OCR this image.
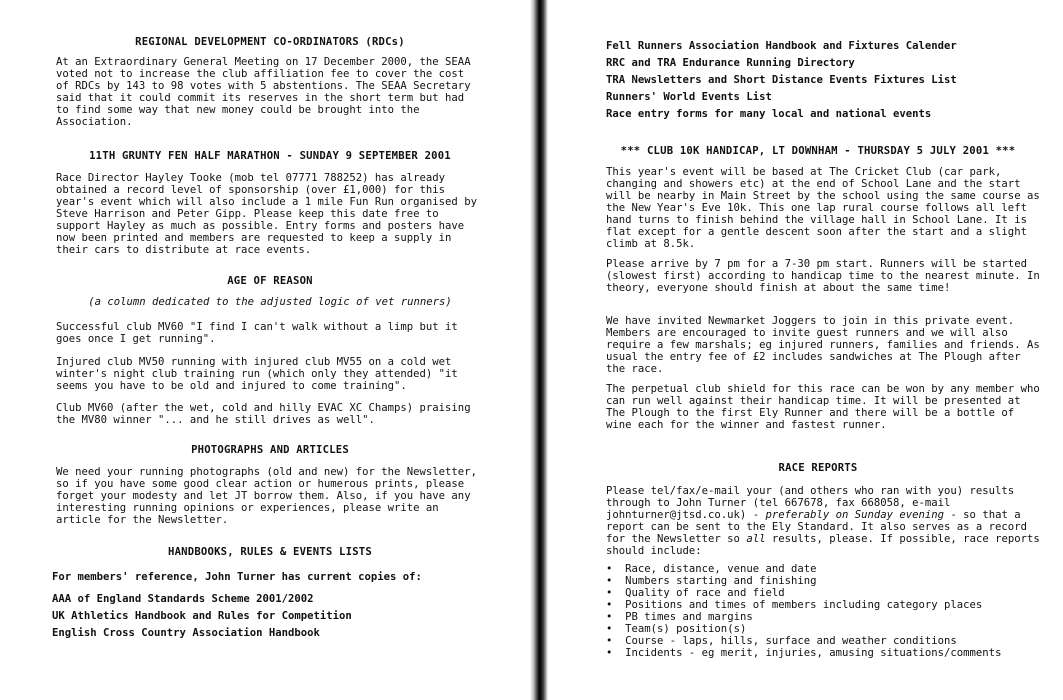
REGIONAL DEVELOPMENT CO-ORDINATORS (RDCs)
At an Extraordinary General Meeting on 17 December 2000, the SEAA voted not to increase the club affiliation fee to cover the cost of RDCs by 143 to 98 votes with 5 abstentions. The SEAA Secretary said that it could commit its reserves in the short term but had to find some way that new money could be brought into the Association.
11TH GRUNTY FEN HALF MARATHON - SUNDAY 9 SEPTEMBER 2001
Race Director Hayley Tooke (mob tel 07771 788252) has already obtained a record level of sponsorship (over £1,000) for this year's event which will also include a 1 mile Fun Run organised by Steve Harrison and Peter Gipp. Please keep this date free to support Hayley as much as possible. Entry forms and posters have now been printed and members are requested to keep a supply in their cars to distribute at race events.
AGE OF REASON
(a column dedicated to the adjusted logic of vet runners)
Successful club MV60 "I find I can't walk without a limp but it goes once I get running".
Injured club MV50 running with injured club MV55 on a cold wet winter's night club training run (which only they attended) "it seems you have to be old and injured to come training".
Club MV60 (after the wet, cold and hilly EVAC XC Champs) praising the MV80 winner "... and he still drives as well".
PHOTOGRAPHS AND ARTICLES
We need your running photographs (old and new) for the Newsletter, so if you have some good clear action or humerous prints, please forget your modesty and let JT borrow them. Also, if you have any interesting running opinions or experiences, please write an article for the Newsletter.
HANDBOOKS, RULES & EVENTS LISTS
For members' reference, John Turner has current copies of:
AAA of England Standards Scheme 2001/2002
UK Athletics Handbook and Rules for Competition
English Cross Country Association Handbook
Fell Runners Association Handbook and Fixtures Calender
RRC and TRA Endurance Running Directory
TRA Newsletters and Short Distance Events Fixtures List
Runners' World Events List
Race entry forms for many local and national events
*** CLUB 10K HANDICAP, LT DOWNHAM - THURSDAY 5 JULY 2001 ***
This year's event will be based at The Cricket Club (car park, changing and showers etc) at the end of School Lane and the start will be nearby in Main Street by the school using the same course as the New Year's Eve 10k. This one lap rural course follows all left hand turns to finish behind the village hall in School Lane. It is flat except for a gentle descent soon after the start and a slight climb at 8.5k.
Please arrive by 7 pm for a 7-30 pm start. Runners will be started (slowest first) according to handicap time to the nearest minute. In theory, everyone should finish at about the same time!
We have invited Newmarket Joggers to join in this private event. Members are encouraged to invite guest runners and we will also require a few marshals; eg injured runners, families and friends. As usual the entry fee of £2 includes sandwiches at The Plough after the race.
The perpetual club shield for this race can be won by any member who can run well against their handicap time. It will be presented at The Plough to the first Ely Runner and there will be a bottle of wine each for the winner and fastest runner.
RACE REPORTS
Please tel/fax/e-mail your (and others who ran with you) results through to John Turner (tel 667678, fax 668058, e-mail johnturner@jtsd.co.uk) - preferably on Sunday evening - so that a report can be sent to the Ely Standard. It also serves as a record for the Newsletter so all results, please. If possible, race reports should include:
•  Race, distance, venue and date
•  Numbers starting and finishing
•  Quality of race and field
•  Positions and times of members including category places
•  PB times and margins
•  Team(s) position(s)
•  Course - laps, hills, surface and weather conditions
•  Incidents - eg merit, injuries, amusing situations/comments
